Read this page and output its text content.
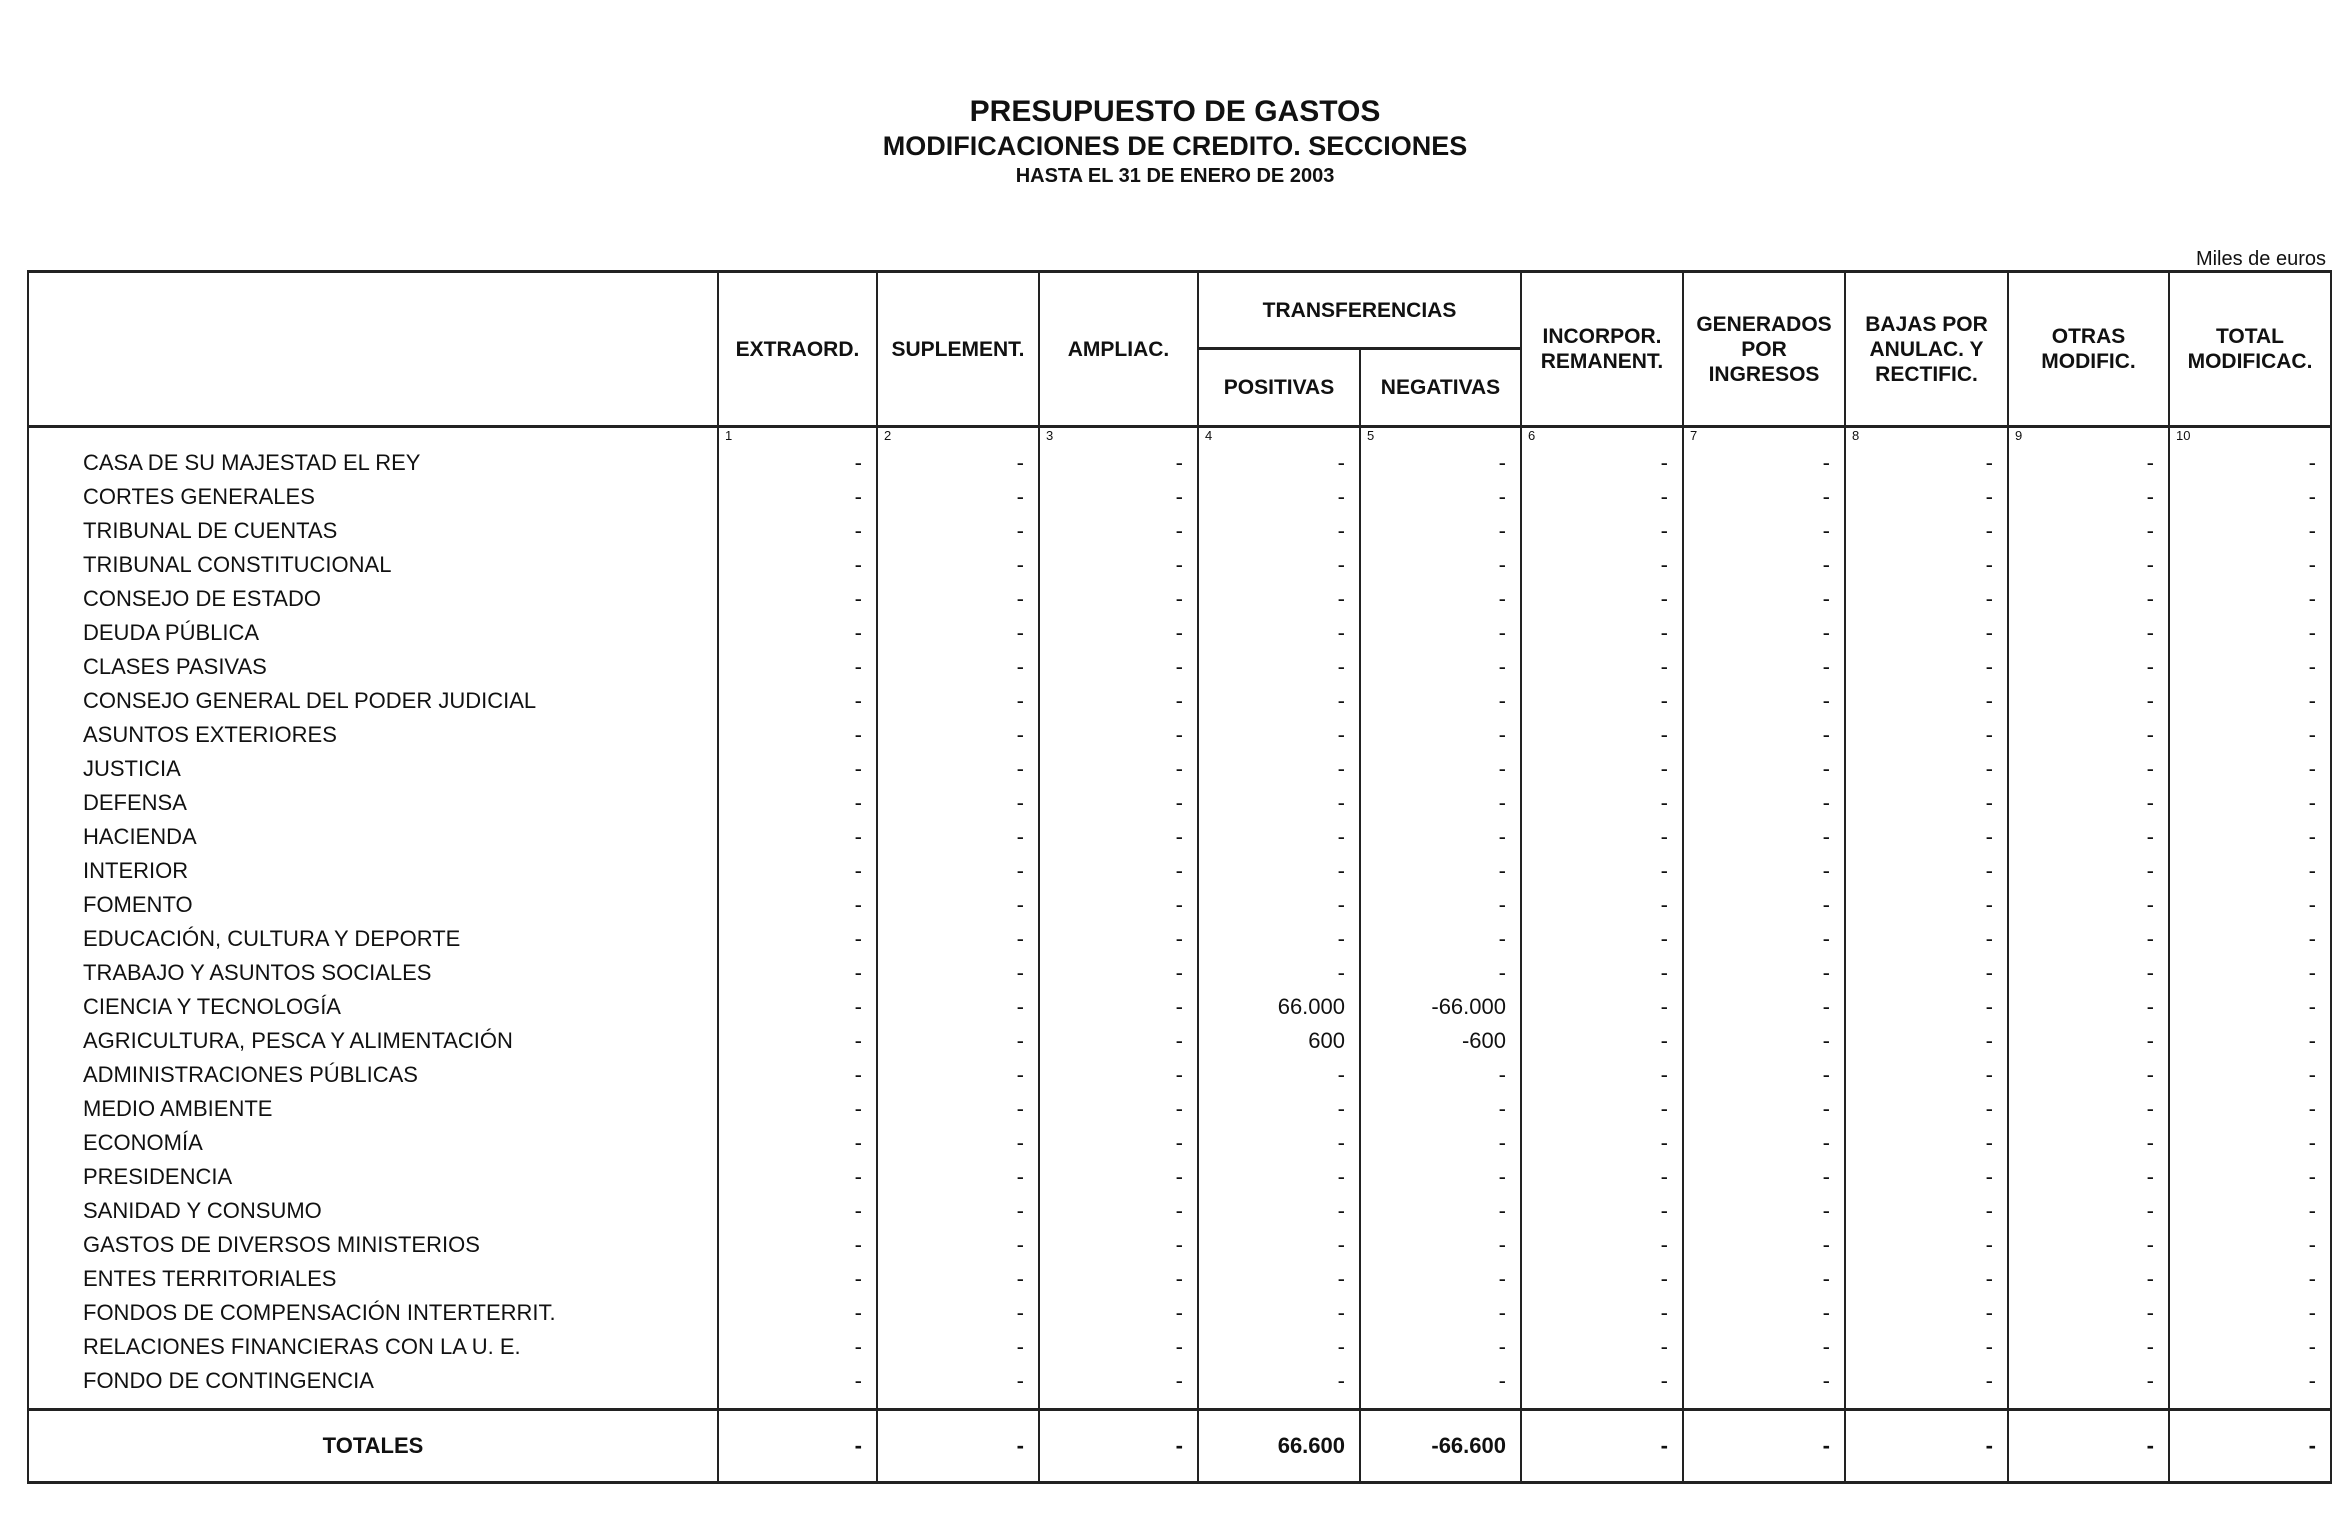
PRESUPUESTO DE GASTOS
MODIFICACIONES DE CREDITO. SECCIONES
HASTA EL 31 DE ENERO DE 2003
Miles de euros
	EXTRAORD.	SUPLEMENT.	AMPLIAC.	TRANSFERENCIAS		INCORPOR. REMANENT.	GENERADOS POR INGRESOS	BAJAS POR ANULAC. Y RECTIFIC.	OTRAS MODIFIC.	TOTAL MODIFICAC.
				POSITIVAS	NEGATIVAS					
	1	2	3	4	5	6	7	8	9	10
CASA DE SU MAJESTAD EL REY	-	-	-	-	-	-	-	-	-	-
CORTES GENERALES	-	-	-	-	-	-	-	-	-	-
TRIBUNAL DE CUENTAS	-	-	-	-	-	-	-	-	-	-
TRIBUNAL CONSTITUCIONAL	-	-	-	-	-	-	-	-	-	-
CONSEJO DE ESTADO	-	-	-	-	-	-	-	-	-	-
DEUDA PÚBLICA	-	-	-	-	-	-	-	-	-	-
CLASES PASIVAS	-	-	-	-	-	-	-	-	-	-
CONSEJO GENERAL DEL PODER JUDICIAL	-	-	-	-	-	-	-	-	-	-
ASUNTOS EXTERIORES	-	-	-	-	-	-	-	-	-	-
JUSTICIA	-	-	-	-	-	-	-	-	-	-
DEFENSA	-	-	-	-	-	-	-	-	-	-
HACIENDA	-	-	-	-	-	-	-	-	-	-
INTERIOR	-	-	-	-	-	-	-	-	-	-
FOMENTO	-	-	-	-	-	-	-	-	-	-
EDUCACIÓN, CULTURA Y DEPORTE	-	-	-	-	-	-	-	-	-	-
TRABAJO Y ASUNTOS SOCIALES	-	-	-	-	-	-	-	-	-	-
CIENCIA Y TECNOLOGÍA	-	-	-	66.000	-66.000	-	-	-	-	-
AGRICULTURA, PESCA Y ALIMENTACIÓN	-	-	-	600	-600	-	-	-	-	-
ADMINISTRACIONES PÚBLICAS	-	-	-	-	-	-	-	-	-	-
MEDIO AMBIENTE	-	-	-	-	-	-	-	-	-	-
ECONOMÍA	-	-	-	-	-	-	-	-	-	-
PRESIDENCIA	-	-	-	-	-	-	-	-	-	-
SANIDAD Y CONSUMO	-	-	-	-	-	-	-	-	-	-
GASTOS DE DIVERSOS MINISTERIOS	-	-	-	-	-	-	-	-	-	-
ENTES TERRITORIALES	-	-	-	-	-	-	-	-	-	-
FONDOS DE COMPENSACIÓN INTERTERRIT.	-	-	-	-	-	-	-	-	-	-
RELACIONES FINANCIERAS CON LA U. E.	-	-	-	-	-	-	-	-	-	-
FONDO DE CONTINGENCIA	-	-	-	-	-	-	-	-	-	-
TOTALES	-	-	-	66.600	-66.600	-	-	-	-	-
